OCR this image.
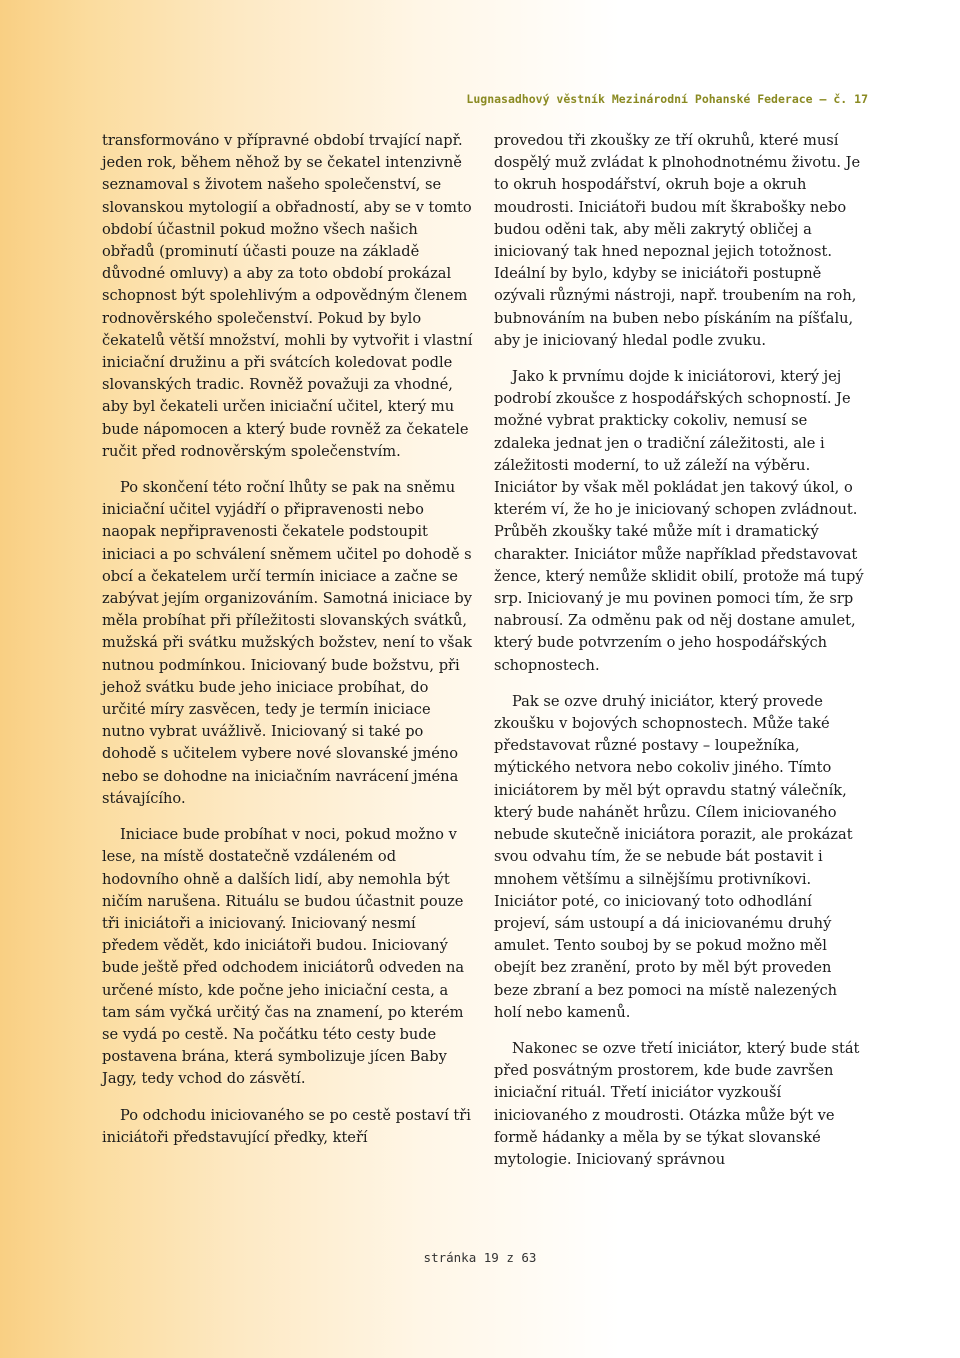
Lugnasadhový věstník Mezinárodní Pohanské Federace – č. 17

transformováno v přípravné období trvající např. jeden rok, během něhož by se čekatel intenzivně seznamoval s životem našeho společenství, se slovanskou mytologií a obřadností, aby se v tomto období účastnil pokud možno všech našich obřadů (prominutí účasti pouze na základě důvodné omluvy) a aby za toto období prokázal schopnost být spolehlivým a odpovědným členem rodnověrského společenství. Pokud by bylo čekatelů větší množství, mohli by vytvořit i vlastní iniciační družinu a při svátcích koledovat podle slovanských tradic. Rovněž považuji za vhodné, aby byl čekateli určen iniciační učitel, který mu bude nápomocen a který bude rovněž za čekatele ručit před rodnověrským společenstvím.

Po skončení této roční lhůty se pak na sněmu iniciační učitel vyjádří o připravenosti nebo naopak nepřipravenosti čekatele podstoupit iniciaci a po schválení sněmem učitel po dohodě s obcí a čekatelem určí termín iniciace a začne se zabývat jejím organizováním. Samotná iniciace by měla probíhat při příležitosti slovanských svátků, mužská při svátku mužských božstev, není to však nutnou podmínkou. Iniciovaný bude božstvu, při jehož svátku bude jeho iniciace probíhat, do určité míry zasvěcen, tedy je termín iniciace nutno vybrat uvážlivě. Iniciovaný si také po dohodě s učitelem vybere nové slovanské jméno nebo se dohodne na iniciačním navrácení jména stávajícího.

Iniciace bude probíhat v noci, pokud možno v lese, na místě dostatečně vzdáleném od hodovního ohně a dalších lidí, aby nemohla být ničím narušena. Rituálu se budou účastnit pouze tři iniciátoři a iniciovaný. Iniciovaný nesmí předem vědět, kdo iniciátoři budou. Iniciovaný bude ještě před odchodem iniciátorů odveden na určené místo, kde počne jeho iniciační cesta, a tam sám vyčká určitý čas na znamení, po kterém se vydá po cestě. Na počátku této cesty bude postavena brána, která symbolizuje jícen Baby Jagy, tedy vchod do zásvětí.

Po odchodu iniciovaného se po cestě postaví tři iniciátoři představující předky, kteří

provedou tři zkoušky ze tří okruhů, které musí dospělý muž zvládat k plnohodnotnému životu. Je to okruh hospodářství, okruh boje a okruh moudrosti. Iniciátoři budou mít škrabošky nebo budou oděni tak, aby měli zakrytý obličej a iniciovaný tak hned nepoznal jejich totožnost. Ideální by bylo, kdyby se iniciátoři postupně ozývali různými nástroji, např. troubením na roh, bubnováním na buben nebo pískáním na píšťalu, aby je iniciovaný hledal podle zvuku.

Jako k prvnímu dojde k iniciátorovi, který jej podrobí zkoušce z hospodářských schopností. Je možné vybrat prakticky cokoliv, nemusí se zdaleka jednat jen o tradiční záležitosti, ale i záležitosti moderní, to už záleží na výběru. Iniciátor by však měl pokládat jen takový úkol, o kterém ví, že ho je iniciovaný schopen zvládnout. Průběh zkoušky také může mít i dramatický charakter. Iniciátor může například představovat žence, který nemůže sklidit obilí, protože má tupý srp. Iniciovaný je mu povinen pomoci tím, že srp nabrousí. Za odměnu pak od něj dostane amulet, který bude potvrzením o jeho hospodářských schopnostech.

Pak se ozve druhý iniciátor, který provede zkoušku v bojových schopnostech. Může také představovat různé postavy – loupežníka, mýtického netvora nebo cokoliv jiného. Tímto iniciátorem by měl být opravdu statný válečník, který bude nahánět hrůzu. Cílem iniciovaného nebude skutečně iniciátora porazit, ale prokázat svou odvahu tím, že se nebude bát postavit i mnohem většímu a silnějšímu protivníkovi. Iniciátor poté, co iniciovaný toto odhodlání projeví, sám ustoupí a dá iniciovanému druhý amulet. Tento souboj by se pokud možno měl obejít bez zranění, proto by měl být proveden beze zbraní a bez pomoci na místě nalezených holí nebo kamenů.

Nakonec se ozve třetí iniciátor, který bude stát před posvátným prostorem, kde bude završen iniciační rituál. Třetí iniciátor vyzkouší iniciovaného z moudrosti. Otázka může být ve formě hádanky a měla by se týkat slovanské mytologie. Iniciovaný správnou

stránka 19 z 63
